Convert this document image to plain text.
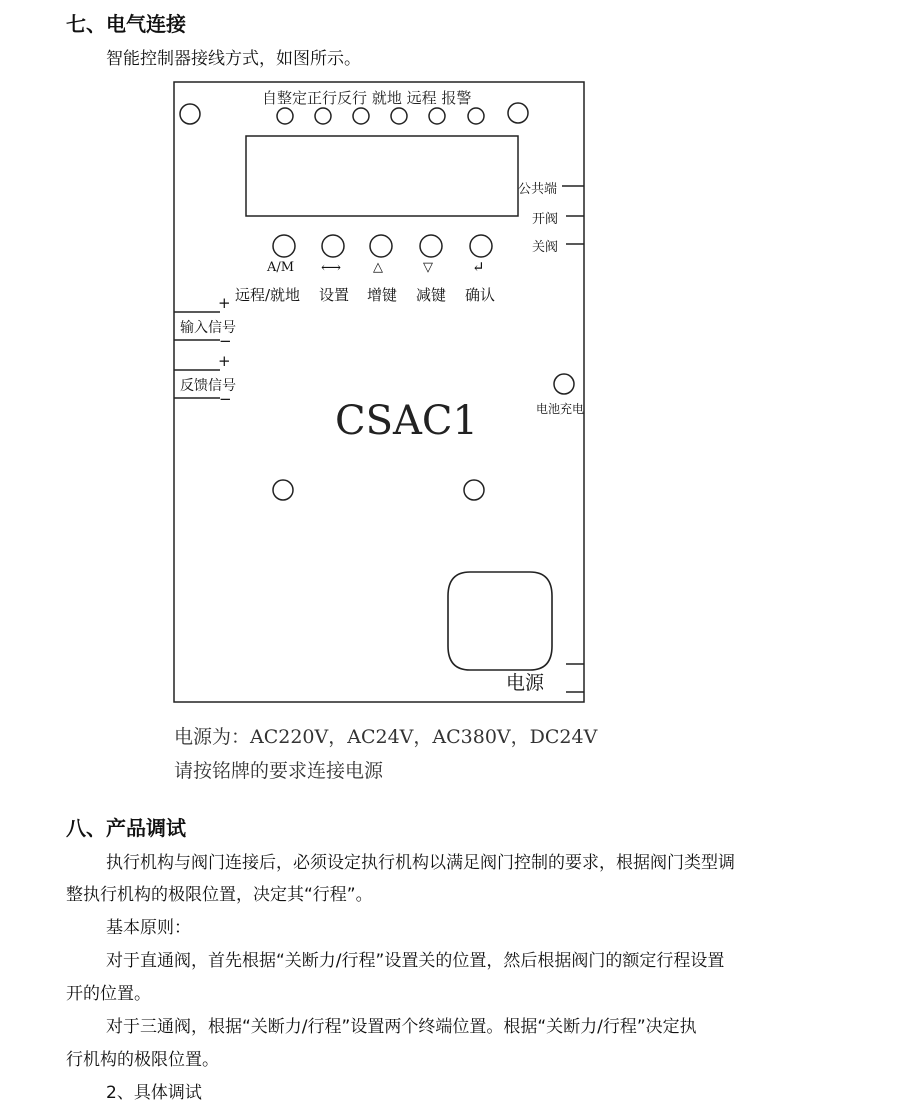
七、电气连接
智能控制器接线方式，如图所示。
自整定正行反行 就地 远程 报警
公共端
开阀
关阀
A/M ⟷ △	▽	↵
远程/就地 设置 增键 减键 确认
+
输入信号
−
+
反馈信号
−
电池充电
CSAC1
电源
电源为：AC220V，AC24V，AC380V，DC24V
请按铭牌的要求连接电源
八、产品调试
执行机构与阀门连接后，必须设定执行机构以满足阀门控制的要求，根据阀门类型调
整执行机构的极限位置，决定其“行程”。
基本原则：
对于直通阀，首先根据“关断力/行程”设置关的位置，然后根据阀门的额定行程设置
开的位置。
对于三通阀，根据“关断力/行程”设置两个终端位置。根据“关断力/行程”决定执
行机构的极限位置。
2、具体调试
